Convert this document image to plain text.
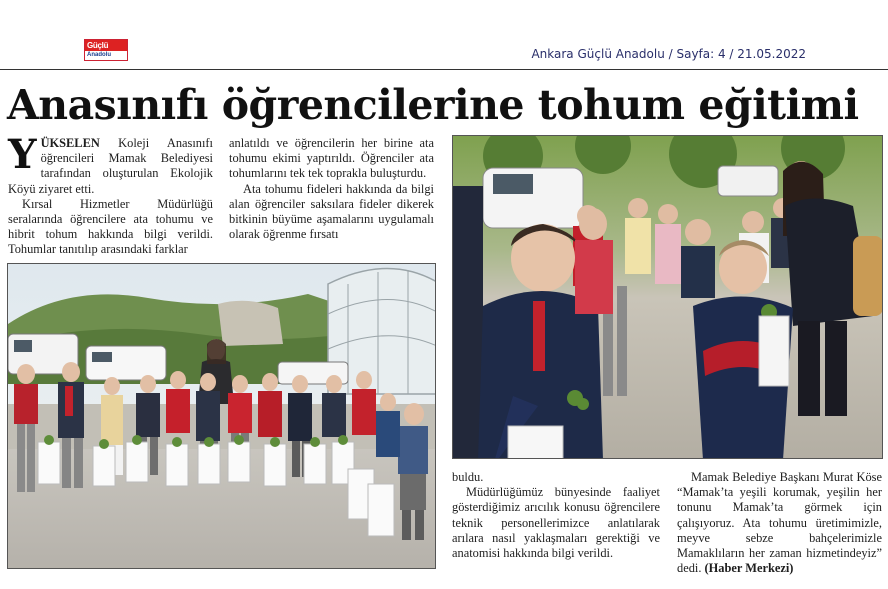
Güçlü
Anadolu	Ankara Güçlü Anadolu / Sayfa: 4 / 21.05.2022
Anasınıfı öğrencilerine tohum eğitimi

YÜKSELEN Koleji Anasınıfı öğrencileri Mamak Belediyesi tarafından oluşturulan Ekolojik Köyü ziyaret etti.

Kırsal Hizmetler Müdürlüğü seralarında öğrencilere ata tohumu ve hibrit tohum hakkında bilgi verildi. Tohumlar tanıtılıp arasındaki farklar

anlatıldı ve öğrencilerin her birine ata tohumu ekimi yaptırıldı. Öğrenciler ata tohumlarını tek tek toprakla buluşturdu.

Ata tohumu fideleri hakkında da bilgi alan öğrenciler saksılara fideler dikerek bitkinin büyüme aşamalarını uygulamalı olarak öğrenme fırsatı

buldu.

Müdürlüğümüz bünyesinde faaliyet gösterdiğimiz arıcılık konusu öğrencilere teknik personellerimizce anlatılarak arılara nasıl yaklaşmaları gerektiği ve anatomisi hakkında bilgi verildi.

Mamak Belediye Başkanı Murat Köse “Mamak’ta yeşili korumak, yeşilin her tonunu Mamak’ta görmek için çalışıyoruz. Ata tohumu üretimimizle, meyve sebze bahçelerimizle Mamaklıların her zaman hizmetindeyiz” dedi. (Haber Merkezi)
